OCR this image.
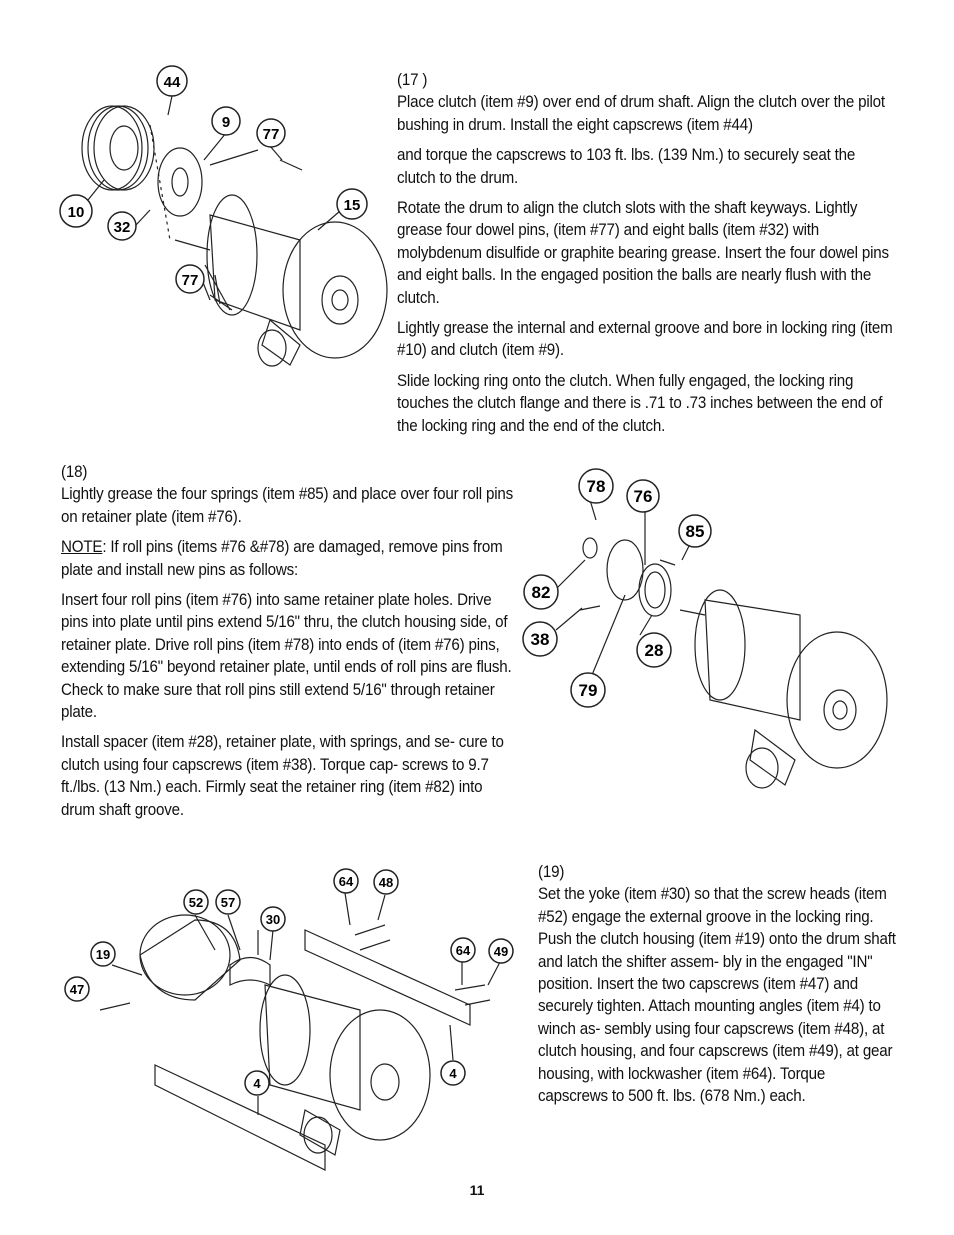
(17 )

Place clutch (item #9) over end of drum shaft. Align the clutch over the pilot bushing in drum. Install the eight capscrews (item #44)

and torque the capscrews to 103 ft. lbs. (139 Nm.) to securely seat the clutch to the drum.

Rotate the drum to align the clutch slots with the shaft keyways. Lightly grease four dowel pins, (item #77) and eight balls (item #32) with molybdenum disulfide or graphite bearing grease. Insert the four dowel pins and eight balls. In the engaged position the balls are nearly flush with the clutch.

Lightly grease the internal and external groove and bore in locking ring (item #10) and clutch (item #9).

Slide locking ring onto the clutch. When fully engaged, the locking ring touches the clutch flange and there is .71 to .73 inches between the end of the locking ring and the end of the clutch.

(18)

Lightly grease the four springs (item #85) and place over four roll pins on retainer plate (item #76).

NOTE: If roll pins (items #76 &#78) are damaged, remove pins from plate and install new pins as follows:

Insert four roll pins (item #76) into same retainer plate holes. Drive pins into plate until pins extend 5/16" thru, the clutch housing side, of retainer plate. Drive roll pins (item #78) into ends of (item #76) pins, extending 5/16" beyond retainer plate, until ends of roll pins are flush. Check to make sure that roll pins still extend 5/16" through retainer plate.

Install spacer (item #28), retainer plate, with springs, and se- cure to clutch using four capscrews (item #38). Torque cap- screws to 9.7 ft./lbs. (13 Nm.) each. Firmly seat the retainer ring (item #82) into drum shaft groove.

(19)

Set the yoke (item #30) so that the screw heads (item #52) engage the external groove in the locking ring. Push the clutch housing (item #19) onto the drum shaft and latch the shifter assem- bly in the engaged "IN" position. Insert the two capscrews (item #47) and securely tighten. Attach mounting angles (item #4) to winch as- sembly using four capscrews (item #48), at clutch housing, and four capscrews (item #49), at gear housing, with lockwasher (item #64). Torque capscrews to 500 ft. lbs. (678 Nm.) each.

44
9
77
10
32
15
77
78
76
85
82
38
28
79
64 48
52 57
30
19	64 49
47
4
4
11
